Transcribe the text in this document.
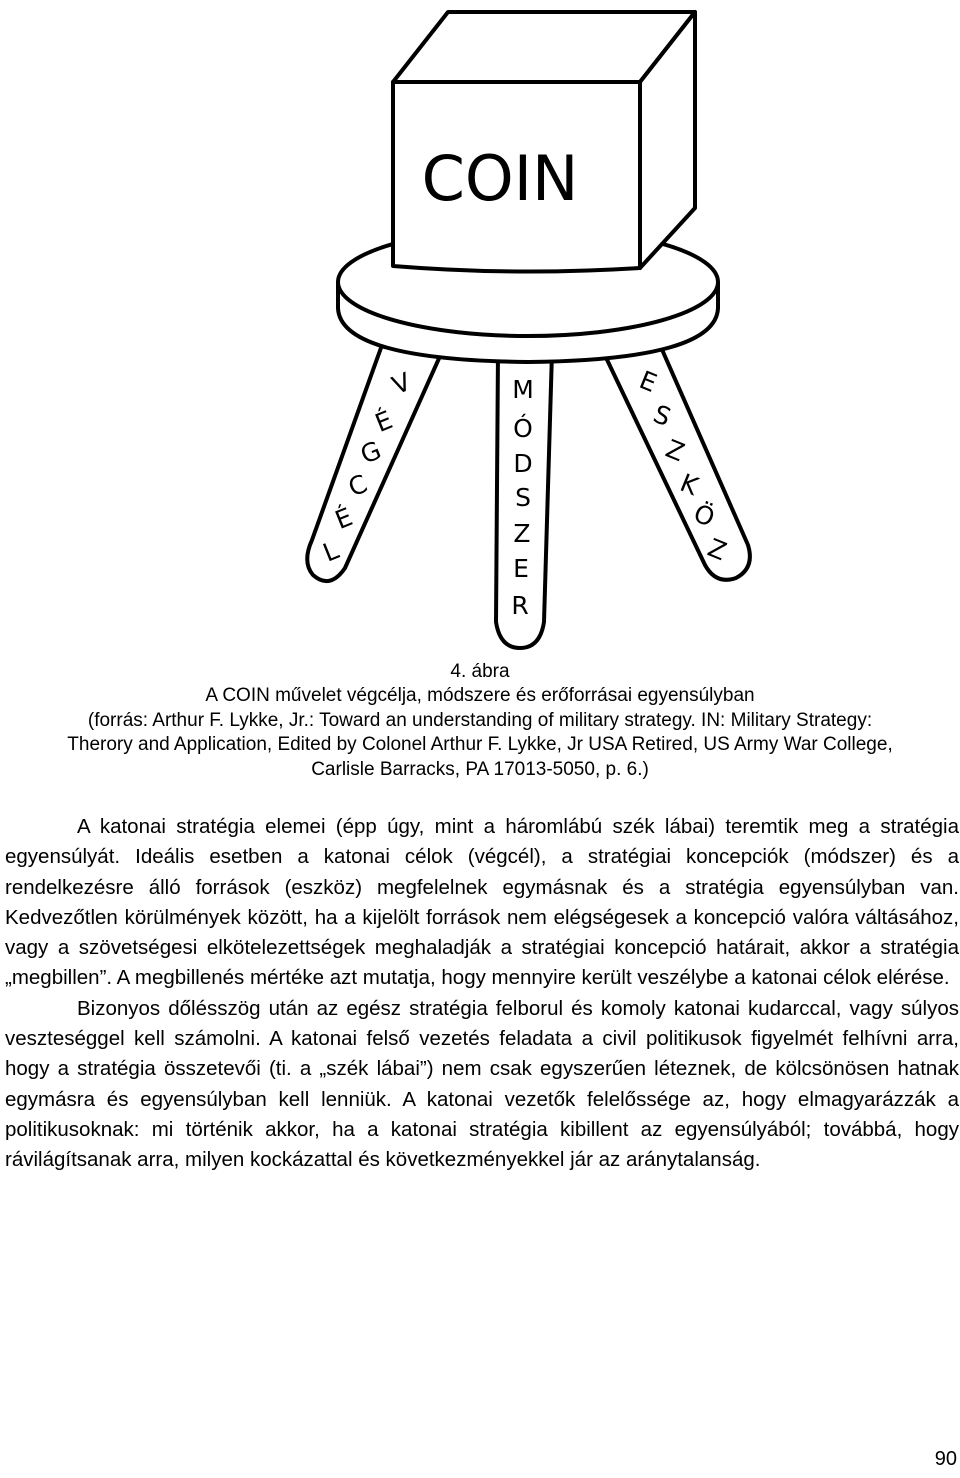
COIN
V
É
G
C
É
L
M
Ó
D
S
Z
E
R
E
S
Z
K
Ö
Z
4. ábra
A COIN művelet végcélja, módszere és erőforrásai egyensúlyban
(forrás: Arthur F. Lykke, Jr.: Toward an understanding of military strategy. IN: Military Strategy:
Therory and Application, Edited by Colonel Arthur F. Lykke, Jr USA Retired, US Army War College,
Carlisle Barracks, PA 17013-5050, p. 6.)

A katonai stratégia elemei (épp úgy, mint a háromlábú szék lábai) teremtik meg a stratégia egyensúlyát. Ideális esetben a katonai célok (végcél), a stratégiai koncepciók (módszer) és a rendelkezésre álló források (eszköz) megfelelnek egymásnak és a stratégia egyensúlyban van. Kedvezőtlen körülmények között, ha a kijelölt források nem elégségesek a koncepció valóra váltásához, vagy a szövetségesi elkötelezettségek meghaladják a stratégiai koncepció határait, akkor a stratégia „megbillen”. A megbillenés mértéke azt mutatja, hogy mennyire került veszélybe a katonai célok elérése.

Bizonyos dőlésszög után az egész stratégia felborul és komoly katonai kudarccal, vagy súlyos veszteséggel kell számolni. A katonai felső vezetés feladata a civil politikusok figyelmét felhívni arra, hogy a stratégia összetevői (ti. a „szék lábai”) nem csak egyszerűen léteznek, de kölcsönösen hatnak egymásra és egyensúlyban kell lenniük. A katonai vezetők felelőssége az, hogy elmagyarázzák a politikusoknak: mi történik akkor, ha a katonai stratégia kibillent az egyensúlyából; továbbá, hogy rávilágítsanak arra, milyen kockázattal és következményekkel jár az aránytalanság.

90
